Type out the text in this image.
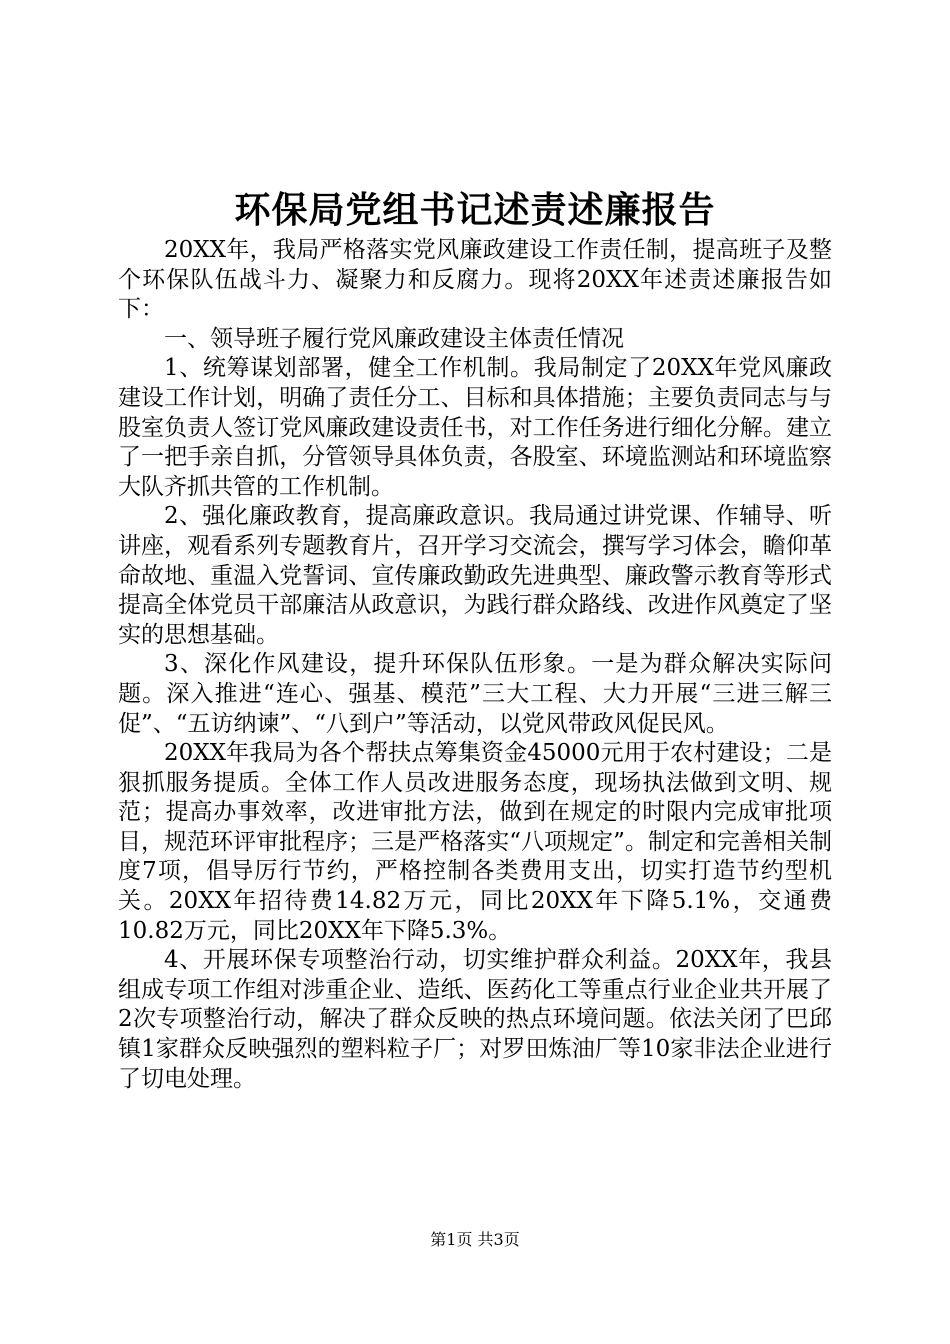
环保局党组书记述责述廉报告

20XX年，我局严格落实党风廉政建设工作责任制，提高班子及整个环保队伍战斗力、凝聚力和反腐力。现将20XX年述责述廉报告如下：

一、领导班子履行党风廉政建设主体责任情况

1、统筹谋划部署，健全工作机制。我局制定了20XX年党风廉政建设工作计划，明确了责任分工、目标和具体措施；主要负责同志与与股室负责人签订党风廉政建设责任书，对工作任务进行细化分解。建立了一把手亲自抓，分管领导具体负责，各股室、环境监测站和环境监察大队齐抓共管的工作机制。

2、强化廉政教育，提高廉政意识。我局通过讲党课、作辅导、听讲座，观看系列专题教育片，召开学习交流会，撰写学习体会，瞻仰革命故地、重温入党誓词、宣传廉政勤政先进典型、廉政警示教育等形式提高全体党员干部廉洁从政意识，为践行群众路线、改进作风奠定了坚实的思想基础。

3、深化作风建设，提升环保队伍形象。一是为群众解决实际问题。深入推进“连心、强基、模范”三大工程、大力开展“三进三解三促”、“五访纳谏”、“八到户”等活动，以党风带政风促民风。

20XX年我局为各个帮扶点筹集资金45000元用于农村建设；二是狠抓服务提质。全体工作人员改进服务态度，现场执法做到文明、规范；提高办事效率，改进审批方法，做到在规定的时限内完成审批项目，规范环评审批程序；三是严格落实“八项规定”。制定和完善相关制度7项，倡导厉行节约，严格控制各类费用支出，切实打造节约型机关。20XX年招待费14.82万元，同比20XX年下降5.1%，交通费10.82万元，同比20XX年下降5.3%。

4、开展环保专项整治行动，切实维护群众利益。20XX年，我县组成专项工作组对涉重企业、造纸、医药化工等重点行业企业共开展了2次专项整治行动，解决了群众反映的热点环境问题。依法关闭了巴邱镇1家群众反映强烈的塑料粒子厂；对罗田炼油厂等10家非法企业进行了切电处理。

第1页 共3页
